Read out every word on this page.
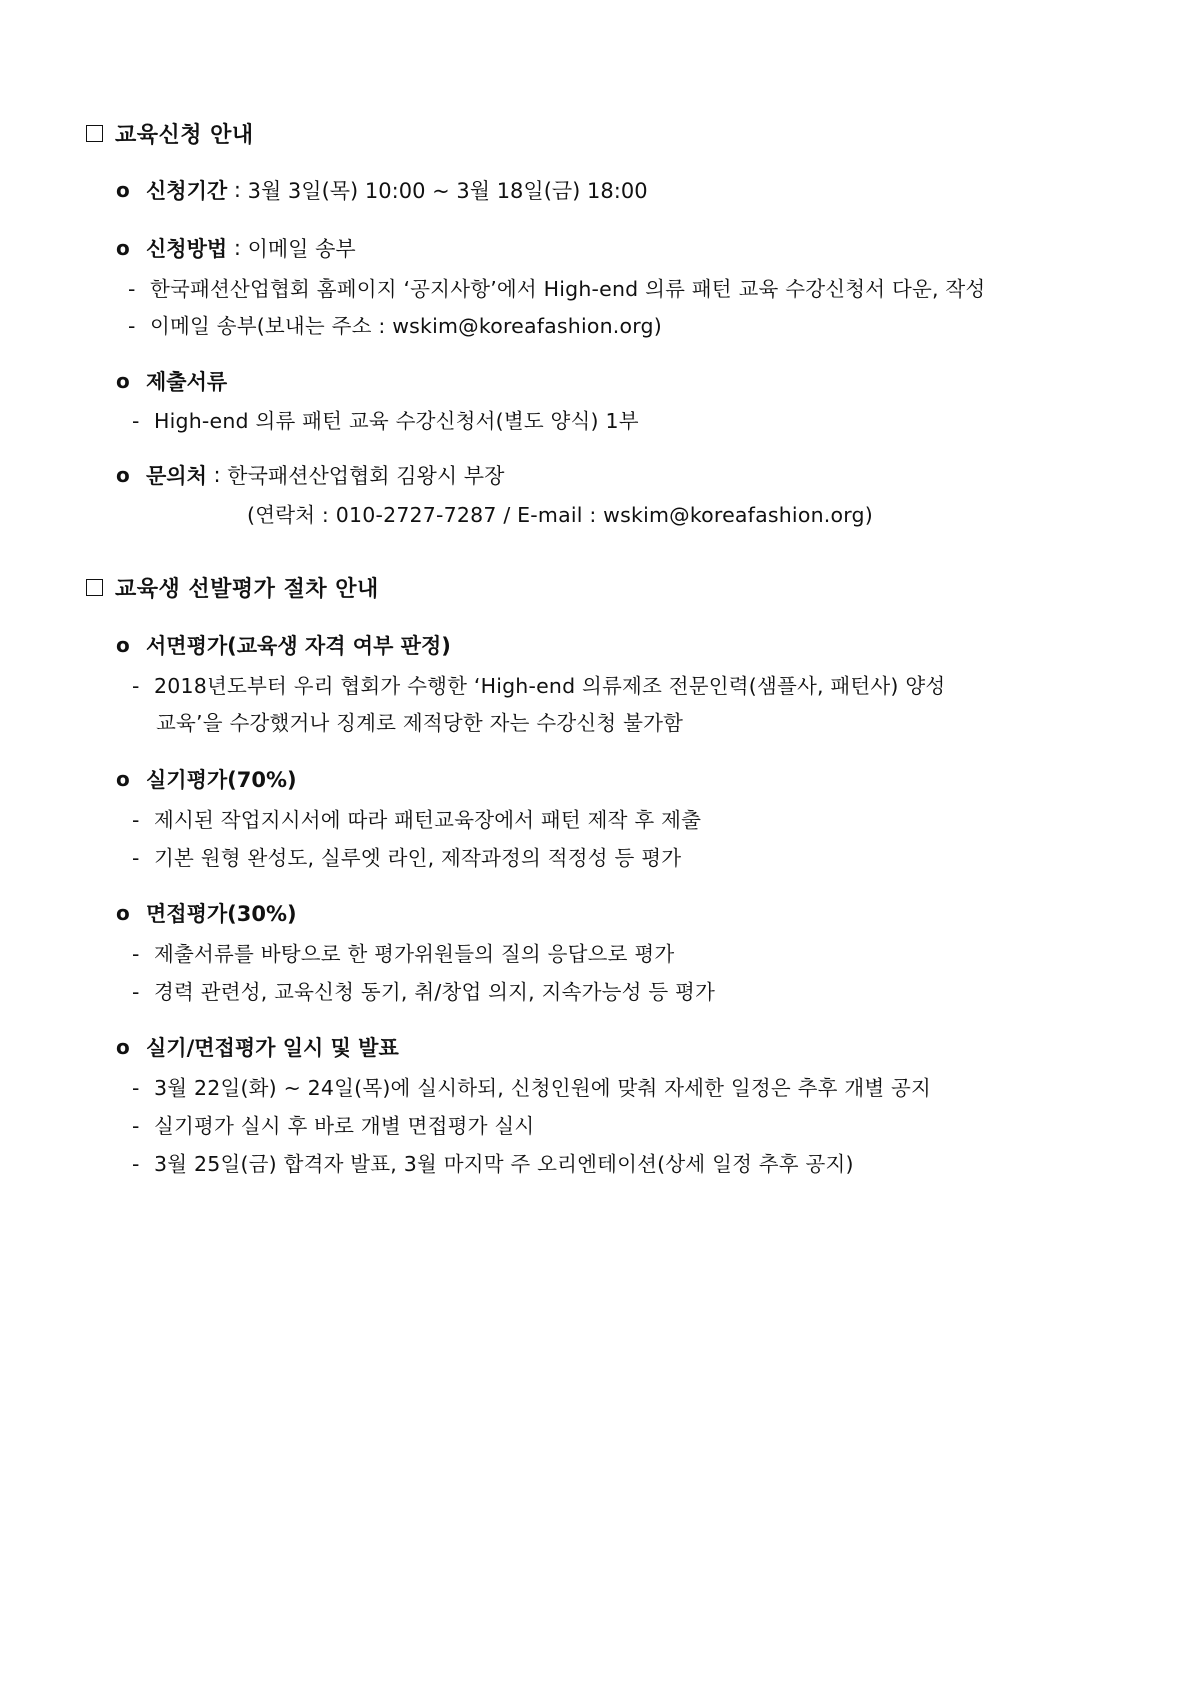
교육신청 안내
o 신청기간 : 3월 3일(목) 10:00 ~ 3월 18일(금) 18:00
o 신청방법 : 이메일 송부
- 한국패션산업협회 홈페이지 ‘공지사항’에서 High-end 의류 패턴 교육 수강신청서 다운, 작성
- 이메일 송부(보내는 주소 : wskim@koreafashion.org)
o 제출서류
- High-end 의류 패턴 교육 수강신청서(별도 양식) 1부
o 문의처 : 한국패션산업협회 김왕시 부장
(연락처 : 010-2727-7287 / E-mail : wskim@koreafashion.org)
교육생 선발평가 절차 안내
o 서면평가(교육생 자격 여부 판정)
- 2018년도부터 우리 협회가 수행한 ‘High-end 의류제조 전문인력(샘플사, 패턴사) 양성
교육’을 수강했거나 징계로 제적당한 자는 수강신청 불가함
o 실기평가(70%)
- 제시된 작업지시서에 따라 패턴교육장에서 패턴 제작 후 제출
- 기본 원형 완성도, 실루엣 라인, 제작과정의 적정성 등 평가
o 면접평가(30%)
- 제출서류를 바탕으로 한 평가위원들의 질의 응답으로 평가
- 경력 관련성, 교육신청 동기, 취/창업 의지, 지속가능성 등 평가
o 실기/면접평가 일시 및 발표
- 3월 22일(화) ~ 24일(목)에 실시하되, 신청인원에 맞춰 자세한 일정은 추후 개별 공지
- 실기평가 실시 후 바로 개별 면접평가 실시
- 3월 25일(금) 합격자 발표, 3월 마지막 주 오리엔테이션(상세 일정 추후 공지)
